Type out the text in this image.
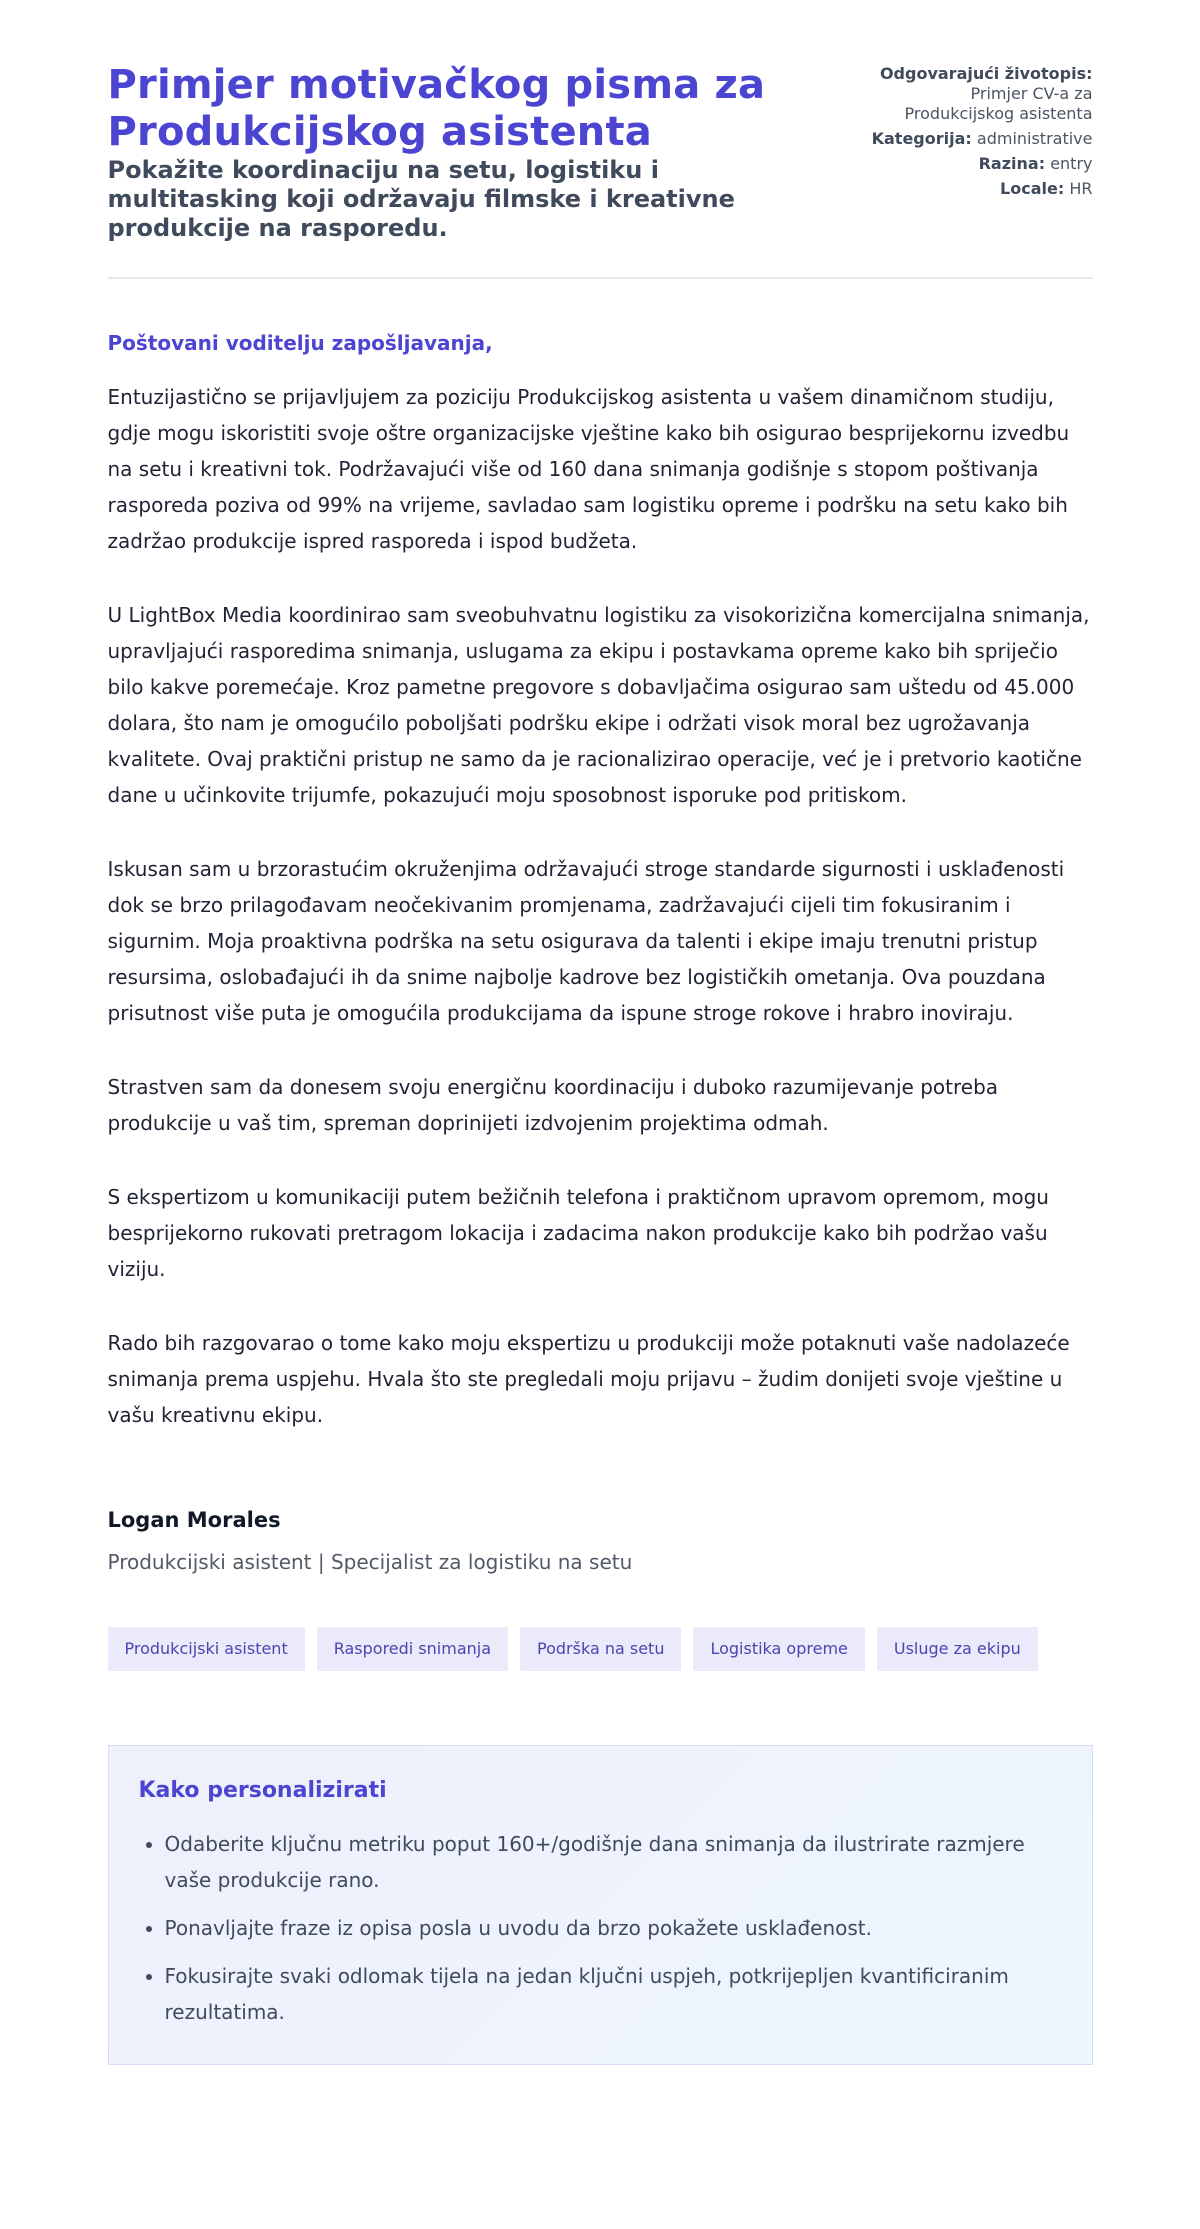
Primjer motivačkog pisma za Produkcijskog asistenta

Pokažite koordinaciju na setu, logistiku i multitasking koji održavaju filmske i kreativne produkcije na rasporedu.

Odgovarajući životopis:
Primjer CV-a za
Produkcijskog asistenta
Kategorija: administrative
Razina: entry
Locale: HR

Poštovani voditelju zapošljavanja,

Entuzijastično se prijavljujem za poziciju Produkcijskog asistenta u vašem dinamičnom studiju, gdje mogu iskoristiti svoje oštre organizacijske vještine kako bih osigurao besprijekornu izvedbu na setu i kreativni tok. Podržavajući više od 160 dana snimanja godišnje s stopom poštivanja rasporeda poziva od 99% na vrijeme, savladao sam logistiku opreme i podršku na setu kako bih zadržao produkcije ispred rasporeda i ispod budžeta.

U LightBox Media koordinirao sam sveobuhvatnu logistiku za visokorizična komercijalna snimanja, upravljajući rasporedima snimanja, uslugama za ekipu i postavkama opreme kako bih spriječio bilo kakve poremećaje. Kroz pametne pregovore s dobavljačima osigurao sam uštedu od 45.000 dolara, što nam je omogućilo poboljšati podršku ekipe i održati visok moral bez ugrožavanja kvalitete. Ovaj praktični pristup ne samo da je racionalizirao operacije, već je i pretvorio kaotične dane u učinkovite trijumfe, pokazujući moju sposobnost isporuke pod pritiskom.

Iskusan sam u brzorastućim okruženjima održavajući stroge standarde sigurnosti i usklađenosti dok se brzo prilagođavam neočekivanim promjenama, zadržavajući cijeli tim fokusiranim i sigurnim. Moja proaktivna podrška na setu osigurava da talenti i ekipe imaju trenutni pristup resursima, oslobađajući ih da snime najbolje kadrove bez logističkih ometanja. Ova pouzdana prisutnost više puta je omogućila produkcijama da ispune stroge rokove i hrabro inoviraju.

Strastven sam da donesem svoju energičnu koordinaciju i duboko razumijevanje potreba produkcije u vaš tim, spreman doprinijeti izdvojenim projektima odmah.

S ekspertizom u komunikaciji putem bežičnih telefona i praktičnom upravom opremom, mogu besprijekorno rukovati pretragom lokacija i zadacima nakon produkcije kako bih podržao vašu viziju.

Rado bih razgovarao o tome kako moju ekspertizu u produkciji može potaknuti vaše nadolazeće snimanja prema uspjehu. Hvala što ste pregledali moju prijavu – žudim donijeti svoje vještine u vašu kreativnu ekipu.

Logan Morales
Produkcijski asistent | Specijalist za logistiku na setu
Produkcijski asistent	Rasporedi snimanja	Podrška na setu	Logistika opreme	Usluge za ekipu
Kako personalizirati
• Odaberite ključnu metriku poput 160+/godišnje dana snimanja da ilustrirate razmjere vaše produkcije rano.
• Ponavljajte fraze iz opisa posla u uvodu da brzo pokažete usklađenost.
• Fokusirajte svaki odlomak tijela na jedan ključni uspjeh, potkrijepljen kvantificiranim rezultatima.
